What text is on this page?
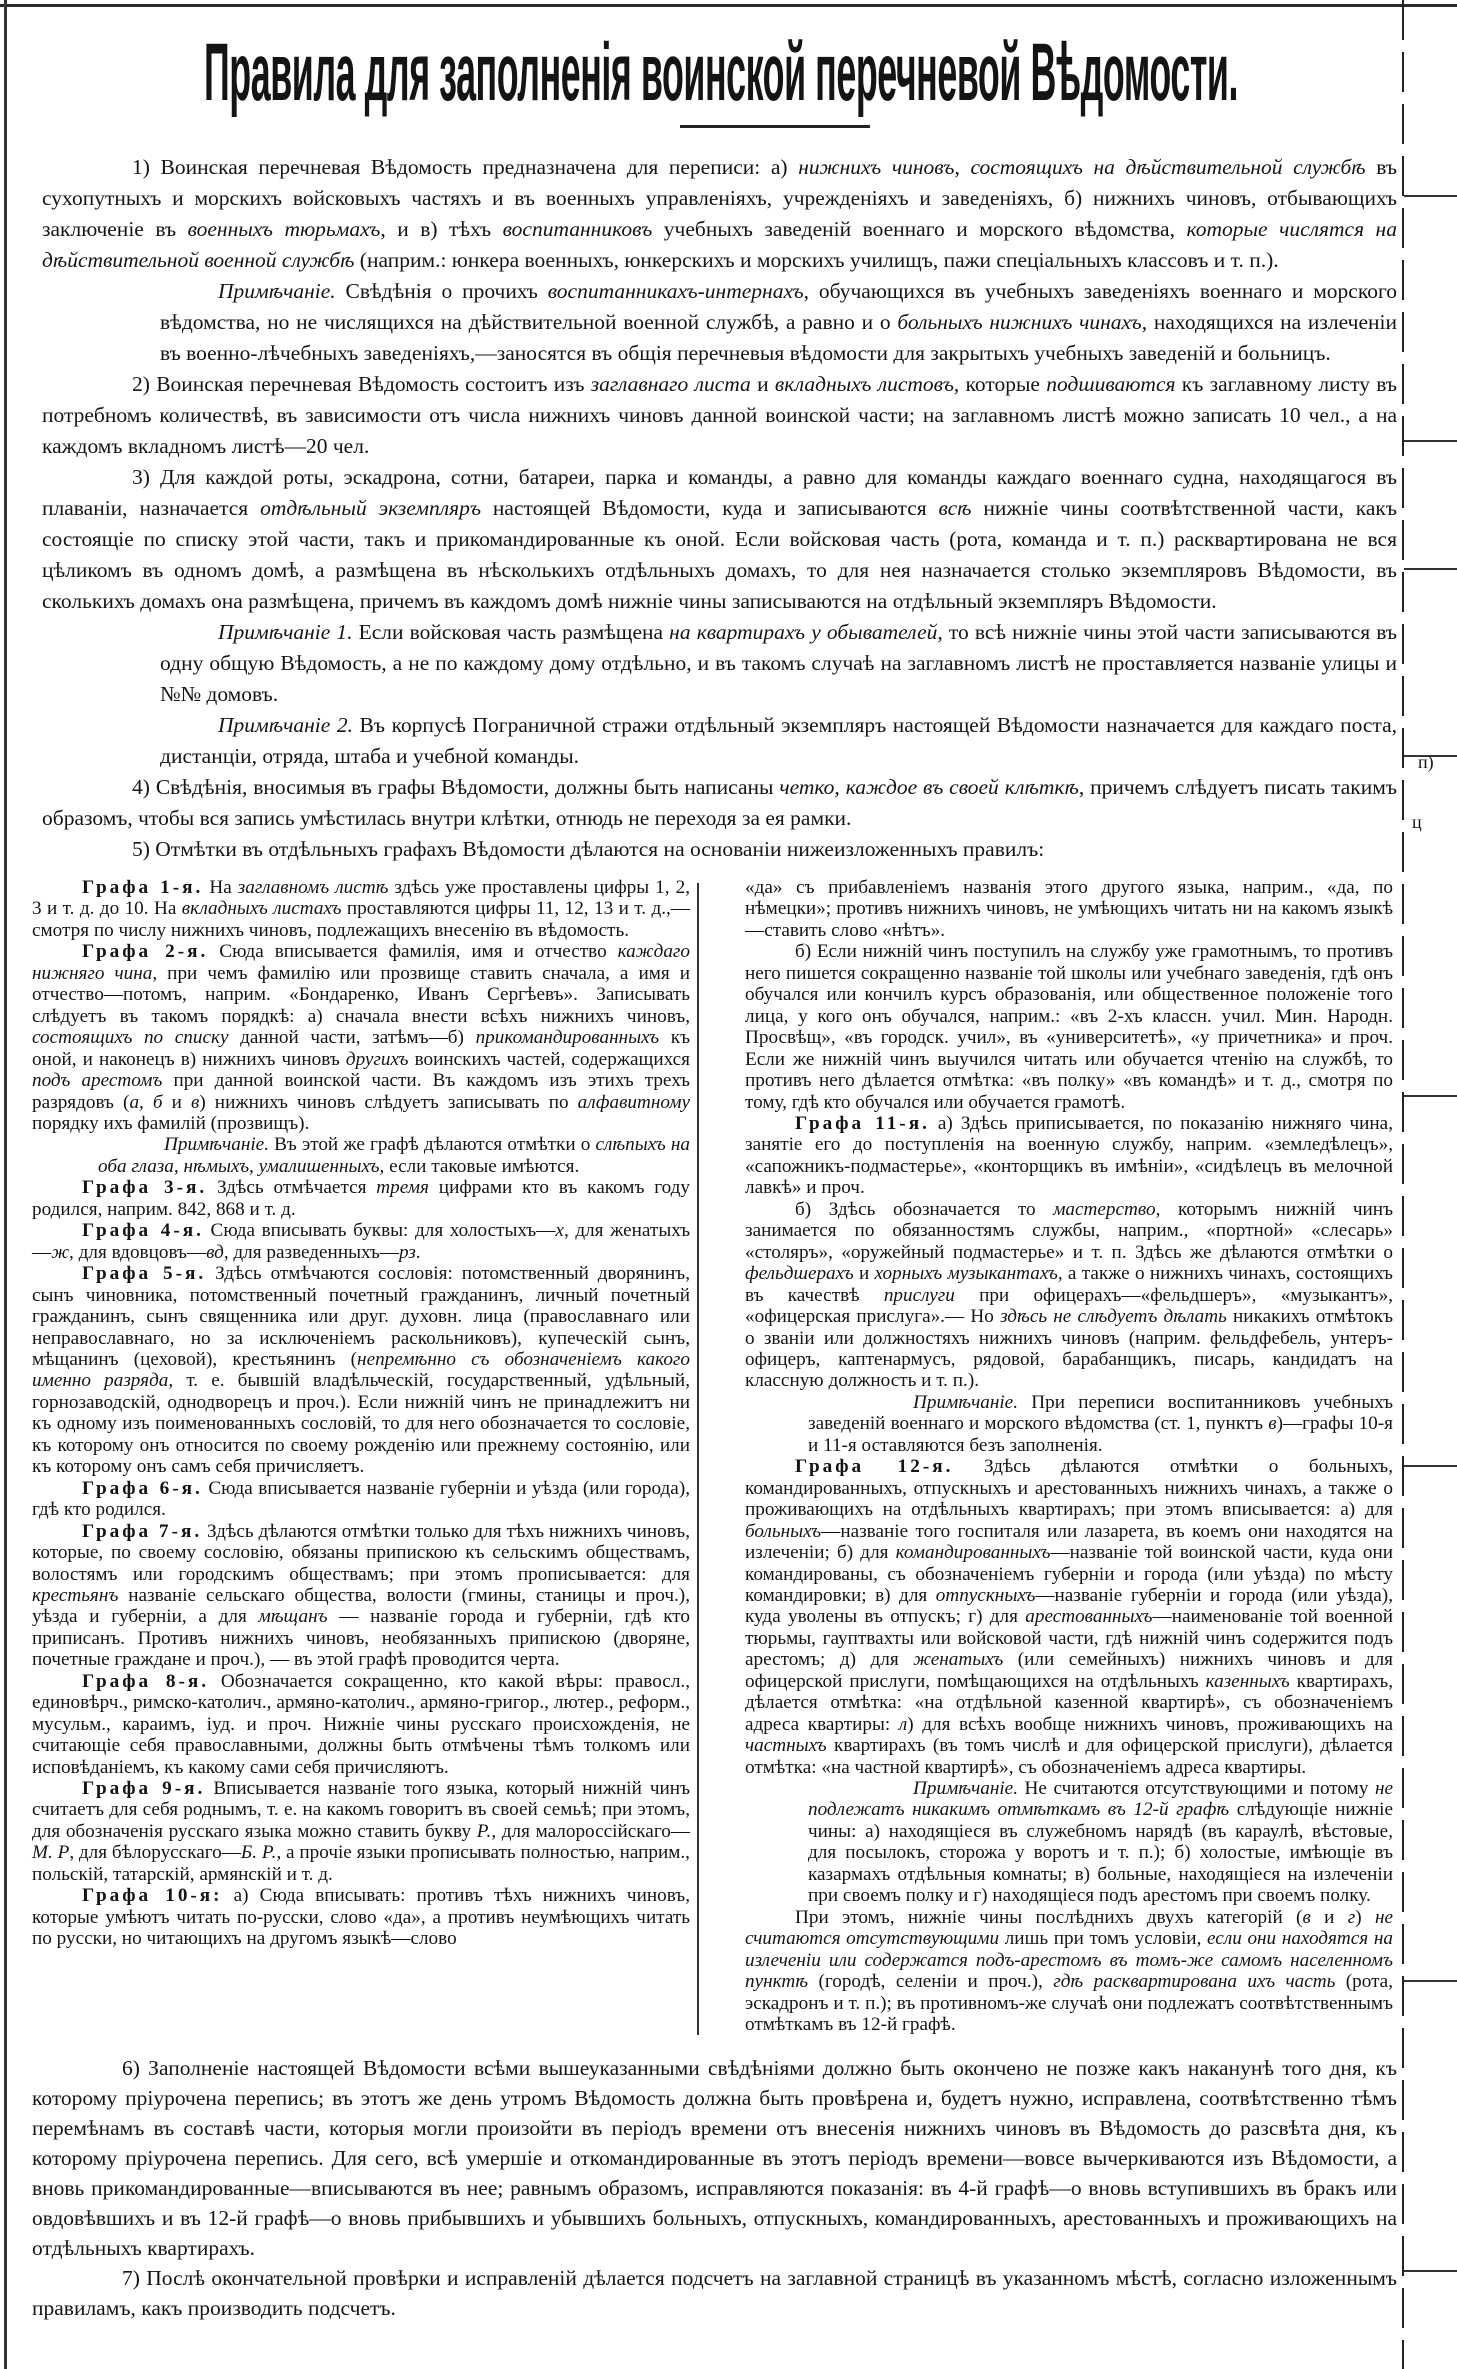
п)
ц
Правила для заполненія воинской перечневой Вѣдомости.

1) Воинская перечневая Вѣдомость предназначена для переписи: а) нижнихъ чиновъ, состоящихъ на дѣйствительной службѣ въ сухопутныхъ и морскихъ войсковыхъ частяхъ и въ военныхъ управленіяхъ, учрежденіяхъ и заведеніяхъ, б) нижнихъ чиновъ, отбывающихъ заключеніе въ военныхъ тюрьмахъ, и в) тѣхъ воспитанниковъ учебныхъ заведеній военнаго и морского вѣдомства, которые числятся на дѣйствительной военной службѣ (наприм.: юнкера военныхъ, юнкерскихъ и морскихъ училищъ, пажи спеціальныхъ классовъ и т. п.).

Примѣчаніе. Свѣдѣнія о прочихъ воспитанникахъ-интернахъ, обучающихся въ учебныхъ заведеніяхъ военнаго и морского вѣдомства, но не числящихся на дѣйствительной военной службѣ, а равно и о больныхъ нижнихъ чинахъ, находящихся на излеченіи въ военно-лѣчебныхъ заведеніяхъ,—заносятся въ общія перечневыя вѣдомости для закрытыхъ учебныхъ заведеній и больницъ.

2) Воинская перечневая Вѣдомость состоитъ изъ заглавнаго листа и вкладныхъ листовъ, которые подшиваются къ заглавному листу въ потребномъ количествѣ, въ зависимости отъ числа нижнихъ чиновъ данной воинской части; на заглавномъ листѣ можно записать 10 чел., а на каждомъ вкладномъ листѣ—20 чел.

3) Для каждой роты, эскадрона, сотни, батареи, парка и команды, а равно для команды каждаго военнаго судна, находящагося въ плаваніи, назначается отдѣльный экземпляръ настоящей Вѣдомости, куда и записываются всѣ нижніе чины соотвѣтственной части, какъ состоящіе по списку этой части, такъ и прикомандированные къ оной. Если войсковая часть (рота, команда и т. п.) расквартирована не вся цѣликомъ въ одномъ домѣ, а размѣщена въ нѣсколькихъ отдѣльныхъ домахъ, то для нея назначается столько экземпляровъ Вѣдомости, въ сколькихъ домахъ она размѣщена, причемъ въ каждомъ домѣ нижніе чины записываются на отдѣльный экземпляръ Вѣдомости.

Примѣчаніе 1. Если войсковая часть размѣщена на квартирахъ у обывателей, то всѣ нижніе чины этой части записываются въ одну общую Вѣдомость, а не по каждому дому отдѣльно, и въ такомъ случаѣ на заглавномъ листѣ не проставляется названіе улицы и №№ домовъ.

Примѣчаніе 2. Въ корпусѣ Пограничной стражи отдѣльный экземпляръ настоящей Вѣдомости назначается для каждаго поста, дистанціи, отряда, штаба и учебной команды.

4) Свѣдѣнія, вносимыя въ графы Вѣдомости, должны быть написаны четко, каждое въ своей клѣткѣ, причемъ слѣдуетъ писать такимъ образомъ, чтобы вся запись умѣстилась внутри клѣтки, отнюдь не переходя за ея рамки.

5) Отмѣтки въ отдѣльныхъ графахъ Вѣдомости дѣлаются на основаніи нижеизложенныхъ правилъ:

Графа 1-я. На заглавномъ листѣ здѣсь уже проставлены цифры 1, 2, 3 и т. д. до 10. На вкладныхъ листахъ проставляются цифры 11, 12, 13 и т. д.,—смотря по числу нижнихъ чиновъ, подлежащихъ внесенію въ вѣдомость.

Графа 2-я. Сюда вписывается фамилія, имя и отчество каждаго нижняго чина, при чемъ фамилію или прозвище ставить сначала, а имя и отчество—потомъ, наприм. «Бондаренко, Иванъ Сергѣевъ». Записывать слѣдуетъ въ такомъ порядкѣ: а) сначала внести всѣхъ нижнихъ чиновъ, состоящихъ по списку данной части, затѣмъ—б) прикомандированныхъ къ оной, и наконецъ в) нижнихъ чиновъ другихъ воинскихъ частей, содержащихся подъ арестомъ при данной воинской части. Въ каждомъ изъ этихъ трехъ разрядовъ (а, б и в) нижнихъ чиновъ слѣдуетъ записывать по алфавитному порядку ихъ фамилій (прозвищъ).

Примѣчаніе. Въ этой же графѣ дѣлаются отмѣтки о слѣпыхъ на оба глаза, нѣмыхъ, умалишенныхъ, если таковые имѣются.

Графа 3-я. Здѣсь отмѣчается тремя цифрами кто въ какомъ году родился, наприм. 842, 868 и т. д.

Графа 4-я. Сюда вписывать буквы: для холостыхъ—х, для женатыхъ—ж, для вдовцовъ—вд, для разведенныхъ—рз.

Графа 5-я. Здѣсь отмѣчаются сословія: потомственный дворянинъ, сынъ чиновника, потомственный почетный гражданинъ, личный почетный гражданинъ, сынъ священника или друг. духовн. лица (православнаго или неправославнаго, но за исключеніемъ раскольниковъ), купеческій сынъ, мѣщанинъ (цеховой), крестьянинъ (непремѣнно съ обозначеніемъ какого именно разряда, т. е. бывшій владѣльческій, государственный, удѣльный, горнозаводскій, однодворецъ и проч.). Если нижній чинъ не принадлежитъ ни къ одному изъ поименованныхъ сословій, то для него обозначается то сословіе, къ которому онъ относится по своему рожденію или прежнему состоянію, или къ которому онъ самъ себя причисляетъ.

Графа 6-я. Сюда вписывается названіе губерніи и уѣзда (или города), гдѣ кто родился.

Графа 7-я. Здѣсь дѣлаются отмѣтки только для тѣхъ нижнихъ чиновъ, которые, по своему сословію, обязаны припискою къ сельскимъ обществамъ, волостямъ или городскимъ обществамъ; при этомъ прописывается: для крестьянъ названіе сельскаго общества, волости (гмины, станицы и проч.), уѣзда и губерніи, а для мѣщанъ — названіе города и губерніи, гдѣ кто приписанъ. Противъ нижнихъ чиновъ, необязанныхъ припискою (дворяне, почетные граждане и проч.), — въ этой графѣ проводится черта.

Графа 8-я. Обозначается сокращенно, кто какой вѣры: правосл., единовѣрч., римско-католич., армяно-католич., армяно-григор., лютер., реформ., мусульм., караимъ, іуд. и проч. Нижніе чины русскаго происхожденія, не считающіе себя православными, должны быть отмѣчены тѣмъ толкомъ или исповѣданіемъ, къ какому сами себя причисляютъ.

Графа 9-я. Вписывается названіе того языка, который нижній чинъ считаетъ для себя роднымъ, т. е. на какомъ говоритъ въ своей семьѣ; при этомъ, для обозначенія русскаго языка можно ставить букву Р., для малороссійскаго—М. Р, для бѣлорусскаго—Б. Р., а прочіе языки прописывать полностью, наприм., польскій, татарскій, армянскій и т. д.

Графа 10-я: а) Сюда вписывать: противъ тѣхъ нижнихъ чиновъ, которые умѣютъ читать по-русски, слово «да», а противъ неумѣющихъ читать по русски, но читающихъ на другомъ языкѣ—слово

«да» съ прибавленіемъ названія этого другого языка, наприм., «да, по нѣмецки»; противъ нижнихъ чиновъ, не умѣющихъ читать ни на какомъ языкѣ—ставить слово «нѣтъ».

б) Если нижній чинъ поступилъ на службу уже грамотнымъ, то противъ него пишется сокращенно названіе той школы или учебнаго заведенія, гдѣ онъ обучался или кончилъ курсъ образованія, или общественное положеніе того лица, у кого онъ обучался, наприм.: «въ 2-хъ классн. учил. Мин. Народн. Просвѣщ», «въ городск. учил», въ «университетѣ», «у причетника» и проч. Если же нижній чинъ выучился читать или обучается чтенію на службѣ, то противъ него дѣлается отмѣтка: «въ полку» «въ командѣ» и т. д., смотря по тому, гдѣ кто обучался или обучается грамотѣ.

Графа 11-я. а) Здѣсь приписывается, по показанію нижняго чина, занятіе его до поступленія на военную службу, наприм. «земледѣлецъ», «сапожникъ-подмастерье», «конторщикъ въ имѣніи», «сидѣлецъ въ мелочной лавкѣ» и проч.

б) Здѣсь обозначается то мастерство, которымъ нижній чинъ занимается по обязанностямъ службы, наприм., «портной» «слесарь» «столяръ», «оружейный подмастерье» и т. п. Здѣсь же дѣлаются отмѣтки о фельдшерахъ и хорныхъ музыкантахъ, а также о нижнихъ чинахъ, состоящихъ въ качествѣ прислуги при офицерахъ—«фельдшеръ», «музыкантъ», «офицерская прислуга».— Но здѣсь не слѣдуетъ дѣлать никакихъ отмѣтокъ о званіи или должностяхъ нижнихъ чиновъ (наприм. фельдфебель, унтеръ-офицеръ, каптенармусъ, рядовой, барабанщикъ, писарь, кандидатъ на классную должность и т. п.).

Примѣчаніе. При переписи воспитанниковъ учебныхъ заведеній военнаго и морского вѣдомства (ст. 1, пунктъ в)—графы 10-я и 11-я оставляются безъ заполненія.

Графа 12-я. Здѣсь дѣлаются отмѣтки о больныхъ, командированныхъ, отпускныхъ и арестованныхъ нижнихъ чинахъ, а также о проживающихъ на отдѣльныхъ квартирахъ; при этомъ вписывается: а) для больныхъ—названіе того госпиталя или лазарета, въ коемъ они находятся на излеченіи; б) для командированныхъ—названіе той воинской части, куда они командированы, съ обозначеніемъ губерніи и города (или уѣзда) по мѣсту командировки; в) для отпускныхъ—названіе губерніи и города (или уѣзда), куда уволены въ отпускъ; г) для арестованныхъ—наименованіе той военной тюрьмы, гауптвахты или войсковой части, гдѣ нижній чинъ содержится подъ арестомъ; д) для женатыхъ (или семейныхъ) нижнихъ чиновъ и для офицерской прислуги, помѣщающихся на отдѣльныхъ казенныхъ квартирахъ, дѣлается отмѣтка: «на отдѣльной казенной квартирѣ», съ обозначеніемъ адреса квартиры: л) для всѣхъ вообще нижнихъ чиновъ, проживающихъ на частныхъ квартирахъ (въ томъ числѣ и для офицерской прислуги), дѣлается отмѣтка: «на частной квартирѣ», съ обозначеніемъ адреса квартиры.

Примѣчаніе. Не считаются отсутствующими и потому не подлежатъ никакимъ отмѣткамъ въ 12-й графѣ слѣдующіе нижніе чины: а) находящіеся въ служебномъ нарядѣ (въ караулѣ, вѣстовые, для посылокъ, сторожа у воротъ и т. п.); б) холостые, имѣющіе въ казармахъ отдѣльныя комнаты; в) больные, находящіеся на излеченіи при своемъ полку и г) находящіеся подъ арестомъ при своемъ полку.

При этомъ, нижніе чины послѣднихъ двухъ категорій (в и г) не считаются отсутствующими лишь при томъ условіи, если они находятся на излеченіи или содержатся подъ-арестомъ въ томъ-же самомъ населенномъ пунктѣ (городѣ, селеніи и проч.), гдѣ расквартирована ихъ часть (рота, эскадронъ и т. п.); въ противномъ-же случаѣ они подлежатъ соотвѣтственнымъ отмѣткамъ въ 12-й графѣ.

6) Заполненіе настоящей Вѣдомости всѣми вышеуказанными свѣдѣніями должно быть окончено не позже какъ наканунѣ того дня, къ которому пріурочена перепись; въ этотъ же день утромъ Вѣдомость должна быть провѣрена и, будетъ нужно, исправлена, соотвѣтственно тѣмъ перемѣнамъ въ составѣ части, которыя могли произойти въ періодъ времени отъ внесенія нижнихъ чиновъ въ Вѣдомость до разсвѣта дня, къ которому пріурочена перепись. Для сего, всѣ умершіе и откомандированные въ этотъ періодъ времени—вовсе вычеркиваются изъ Вѣдомости, а вновь прикомандированные—вписываются въ нее; равнымъ образомъ, исправляются показанія: въ 4-й графѣ—о вновь вступившихъ въ бракъ или овдовѣвшихъ и въ 12-й графѣ—о вновь прибывшихъ и убывшихъ больныхъ, отпускныхъ, командированныхъ, арестованныхъ и проживающихъ на отдѣльныхъ квартирахъ.

7) Послѣ окончательной провѣрки и исправленій дѣлается подсчетъ на заглавной страницѣ въ указанномъ мѣстѣ, согласно изложеннымъ правиламъ, какъ производить подсчетъ.
